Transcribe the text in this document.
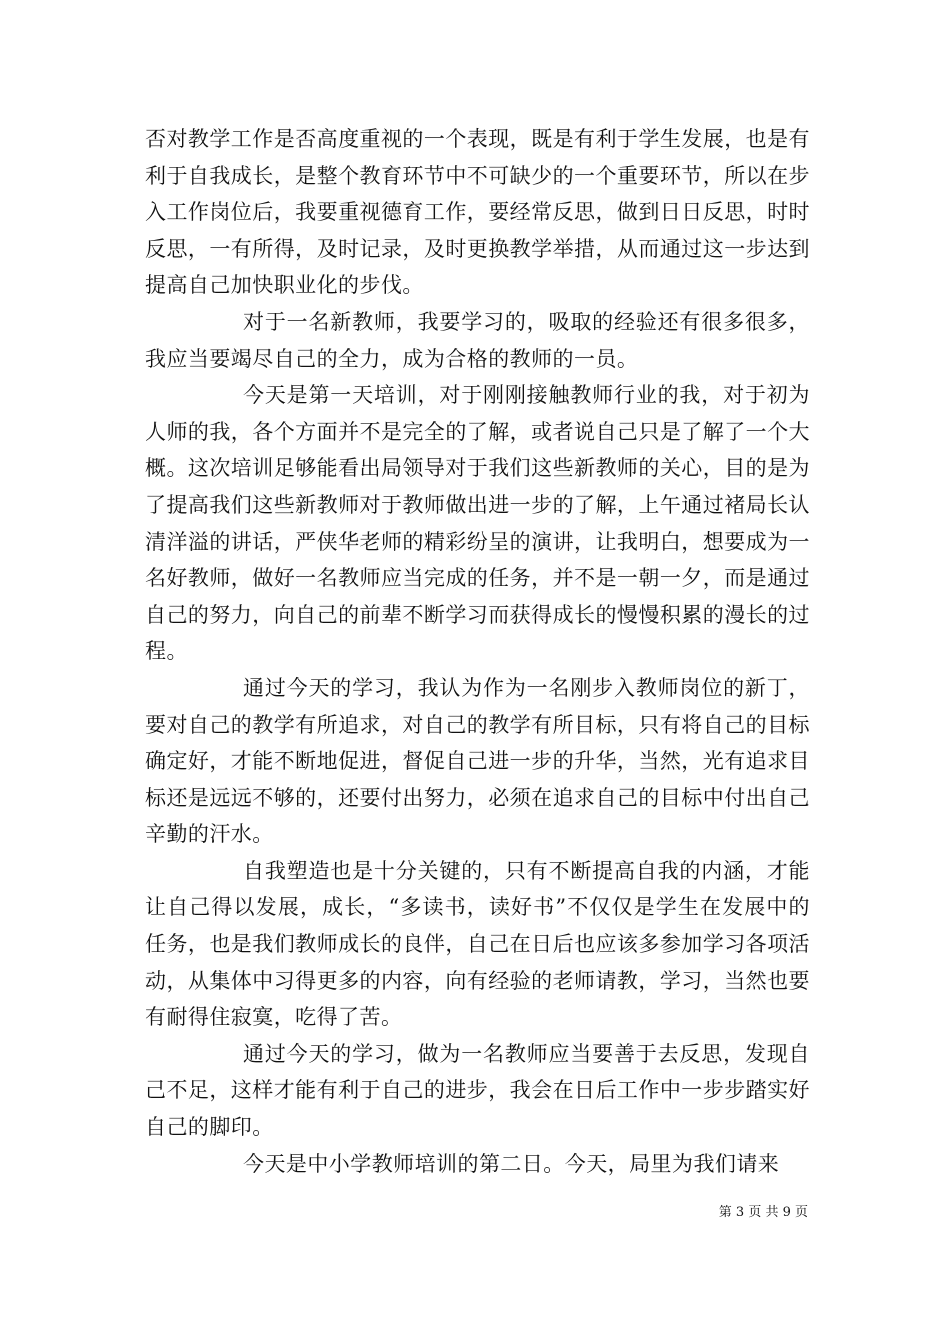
否对教学工作是否高度重视的一个表现，既是有利于学生发展，也是有利于自我成长，是整个教育环节中不可缺少的一个重要环节，所以在步入工作岗位后，我要重视德育工作，要经常反思，做到日日反思，时时反思，一有所得，及时记录，及时更换教学举措，从而通过这一步达到提高自己加快职业化的步伐。

对于一名新教师，我要学习的，吸取的经验还有很多很多，我应当要竭尽自己的全力，成为合格的教师的一员。

今天是第一天培训，对于刚刚接触教师行业的我，对于初为人师的我，各个方面并不是完全的了解，或者说自己只是了解了一个大概。这次培训足够能看出局领导对于我们这些新教师的关心，目的是为了提高我们这些新教师对于教师做出进一步的了解，上午通过褚局长认清洋溢的讲话，严侠华老师的精彩纷呈的演讲，让我明白，想要成为一名好教师，做好一名教师应当完成的任务，并不是一朝一夕，而是通过自己的努力，向自己的前辈不断学习而获得成长的慢慢积累的漫长的过程。

通过今天的学习，我认为作为一名刚步入教师岗位的新丁，要对自己的教学有所追求，对自己的教学有所目标，只有将自己的目标确定好，才能不断地促进，督促自己进一步的升华，当然，光有追求目标还是远远不够的，还要付出努力，必须在追求自己的目标中付出自己辛勤的汗水。

自我塑造也是十分关键的，只有不断提高自我的内涵，才能让自己得以发展，成长，“多读书，读好书”不仅仅是学生在发展中的任务，也是我们教师成长的良伴，自己在日后也应该多参加学习各项活动，从集体中习得更多的内容，向有经验的老师请教，学习，当然也要有耐得住寂寞，吃得了苦。

通过今天的学习，做为一名教师应当要善于去反思，发现自己不足，这样才能有利于自己的进步，我会在日后工作中一步步踏实好自己的脚印。

今天是中小学教师培训的第二日。今天，局里为我们请来

第 3 页 共 9 页
